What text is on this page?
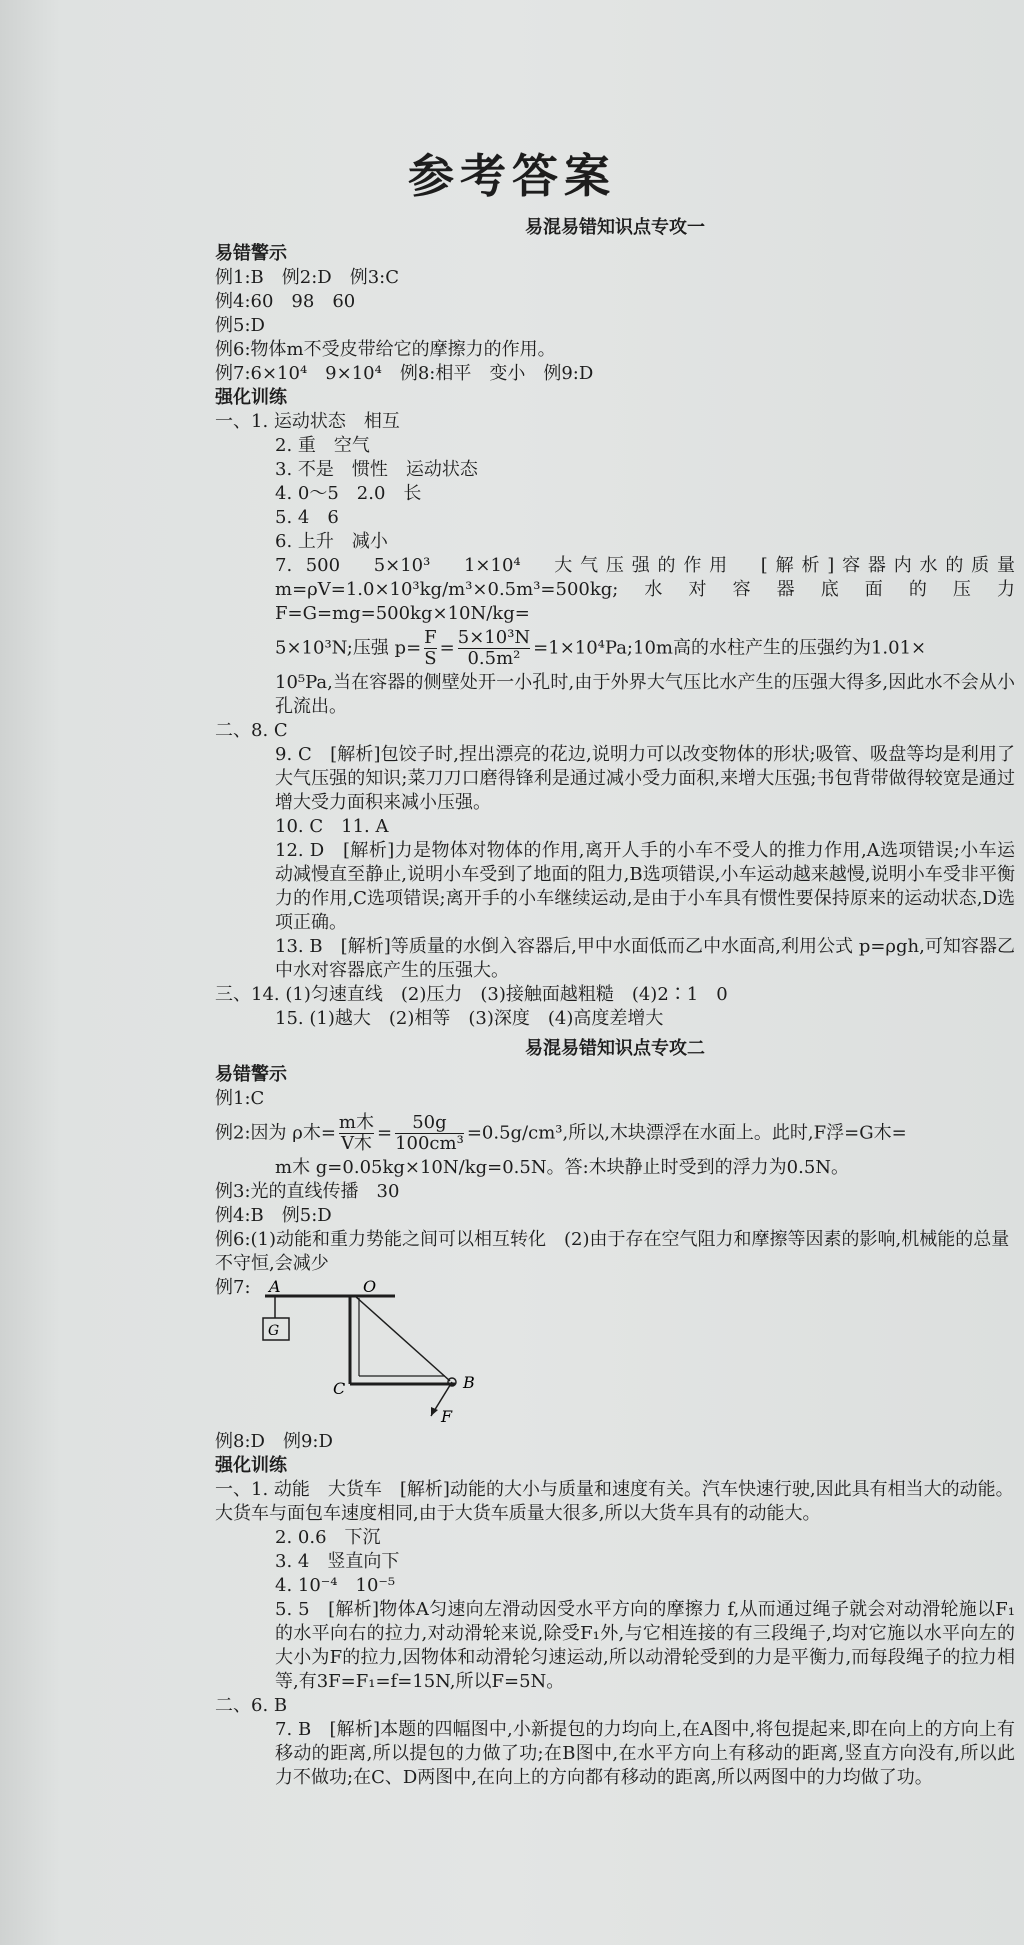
参考答案
易混易错知识点专攻一
易错警示
例1:B　例2:D　例3:C
例4:60　98　60
例5:D
例6:物体m不受皮带给它的摩擦力的作用。
例7:6×10⁴　9×10⁴　例8:相平　变小　例9:D
强化训练
一、1. 运动状态　相互
2. 重　空气
3. 不是　惯性　运动状态
4. 0～5　2.0　长
5. 4　6
6. 上升　减小
7. 500　5×10³　1×10⁴　大气压强的作用　[解析]容器内水的质量 m=ρV=1.0×10³kg/m³×0.5m³=500kg;水对容器底面的压力 F=G=mg=500kg×10N/kg=
5×10³N;压强 $p= \frac{F}{S} = \frac{\text{5×10³N}}{\text{0.5m²}}$ =1×10⁴Pa;10m高的水柱产生的压强约为1.01×
10⁵Pa,当在容器的侧壁处开一小孔时,由于外界大气压比水产生的压强大得多,因此水不会从小孔流出。
二、8. C
9. C　[解析]包饺子时,捏出漂亮的花边,说明力可以改变物体的形状;吸管、吸盘等均是利用了大气压强的知识;菜刀刀口磨得锋利是通过减小受力面积,来增大压强;书包背带做得较宽是通过增大受力面积来减小压强。
10. C　11. A
12. D　[解析]力是物体对物体的作用,离开人手的小车不受人的推力作用,A选项错误;小车运动减慢直至静止,说明小车受到了地面的阻力,B选项错误,小车运动越来越慢,说明小车受非平衡力的作用,C选项错误;离开手的小车继续运动,是由于小车具有惯性要保持原来的运动状态,D选项正确。
13. B　[解析]等质量的水倒入容器后,甲中水面低而乙中水面高,利用公式 p=ρgh,可知容器乙中水对容器底产生的压强大。
三、14. (1)匀速直线　(2)压力　(3)接触面越粗糙　(4)2∶1　0
15. (1)越大　(2)相等　(3)深度　(4)高度差增大
易混易错知识点专攻二
易错警示
例1:C
例2:因为 ρ木= $\frac{\text{m木}}{\text{V木}} = \frac{50g}{\text{100cm³}} =0.5g/cm^3$,所以,木块漂浮在水面上。此时,F浮=G木=
m木 g=0.05kg×10N/kg=0.5N。答:木块静止时受到的浮力为0.5N。
例3:光的直线传播　30
例4:B　例5:D
例6:(1)动能和重力势能之间可以相互转化　(2)由于存在空气阻力和摩擦等因素的影响,机械能的总量不守恒,会减少
例7:	A
G
O
C	B
F
例8:D　例9:D
强化训练
一、1. 动能　大货车　[解析]动能的大小与质量和速度有关。汽车快速行驶,因此具有相当大的动能。大货车与面包车速度相同,由于大货车质量大很多,所以大货车具有的动能大。
2. 0.6　下沉
3. 4　竖直向下
4. 10⁻⁴　10⁻⁵
5. 5　[解析]物体A匀速向左滑动因受水平方向的摩擦力 f,从而通过绳子就会对动滑轮施以F₁的水平向右的拉力,对动滑轮来说,除受F₁外,与它相连接的有三段绳子,均对它施以水平向左的大小为F的拉力,因物体和动滑轮匀速运动,所以动滑轮受到的力是平衡力,而每段绳子的拉力相等,有3F=F₁=f=15N,所以F=5N。
二、6. B
7. B　[解析]本题的四幅图中,小新提包的力均向上,在A图中,将包提起来,即在向上的方向上有移动的距离,所以提包的力做了功;在B图中,在水平方向上有移动的距离,竖直方向没有,所以此力不做功;在C、D两图中,在向上的方向都有移动的距离,所以两图中的力均做了功。
